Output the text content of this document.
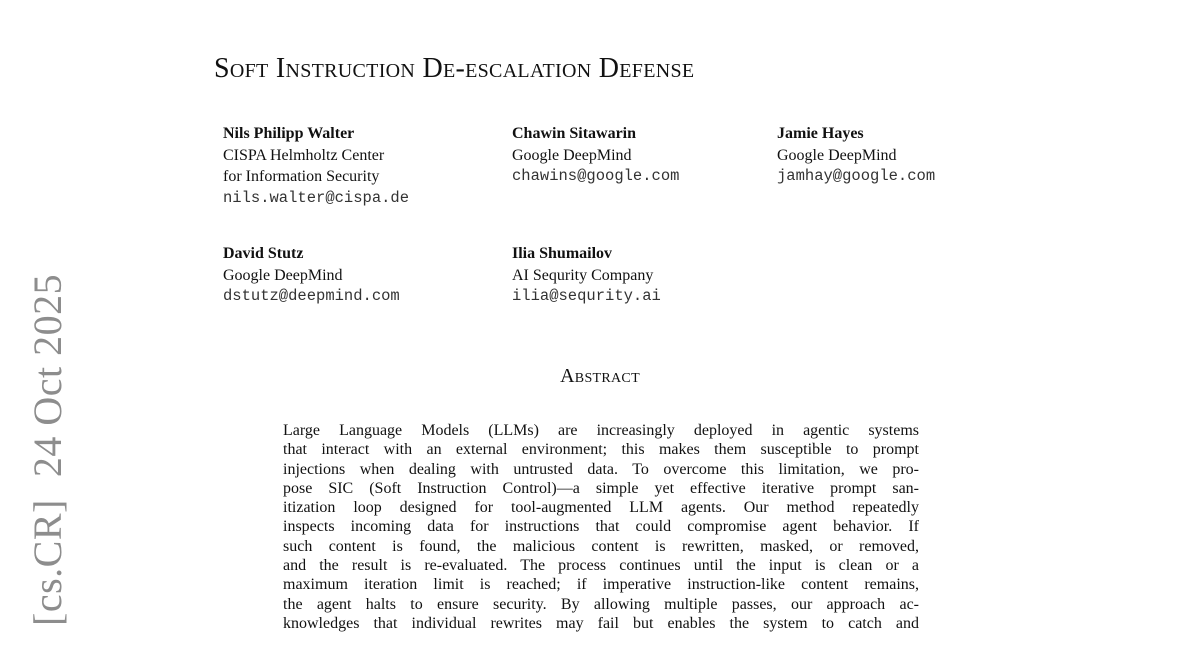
[cs.CR]24 Oct 2025
Soft Instruction De-escalation Defense
Nils Philipp Walter
CISPA Helmholtz Center
for Information Security
nils.walter@cispa.de
Chawin Sitawarin
Google DeepMind
chawins@google.com
Jamie Hayes
Google DeepMind
jamhay@google.com
David Stutz
Google DeepMind
dstutz@deepmind.com
Ilia Shumailov
AI Sequrity Company
ilia@sequrity.ai
Abstract
Large Language Models (LLMs) are increasingly deployed in agentic systems
that interact with an external environment; this makes them susceptible to prompt
injections when dealing with untrusted data. To overcome this limitation, we pro-
pose SIC (Soft Instruction Control)—a simple yet effective iterative prompt san-
itization loop designed for tool-augmented LLM agents. Our method repeatedly
inspects incoming data for instructions that could compromise agent behavior. If
such content is found, the malicious content is rewritten, masked, or removed,
and the result is re-evaluated. The process continues until the input is clean or a
maximum iteration limit is reached; if imperative instruction-like content remains,
the agent halts to ensure security. By allowing multiple passes, our approach ac-
knowledges that individual rewrites may fail but enables the system to catch and
